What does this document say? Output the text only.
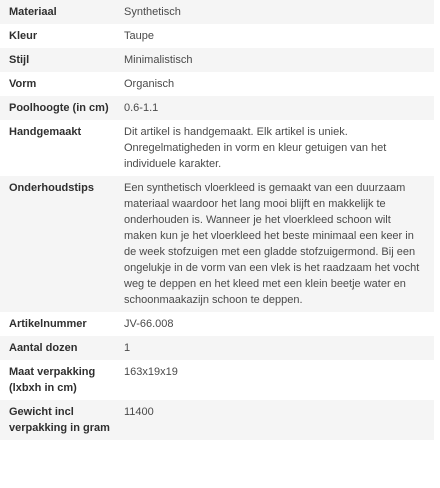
Materiaal	Synthetisch
Kleur	Taupe
Stijl	Minimalistisch
Vorm	Organisch
Poolhoogte (in cm)	0.6-1.1
Handgemaakt	Dit artikel is handgemaakt. Elk artikel is uniek. Onregelmatigheden in vorm en kleur getuigen van het individuele karakter.
Onderhoudstips	Een synthetisch vloerkleed is gemaakt van een duurzaam materiaal waardoor het lang mooi blijft en makkelijk te onderhouden is. Wanneer je het vloerkleed schoon wilt maken kun je het vloerkleed het beste minimaal een keer in de week stofzuigen met een gladde stofzuigermond. Bij een ongelukje in de vorm van een vlek is het raadzaam het vocht weg te deppen en het kleed met een klein beetje water en schoonmaakazijn schoon te deppen.
Artikelnummer	JV-66.008
Aantal dozen	1
Maat verpakking (lxbxh in cm)	163x19x19
Gewicht incl verpakking in gram	11400
